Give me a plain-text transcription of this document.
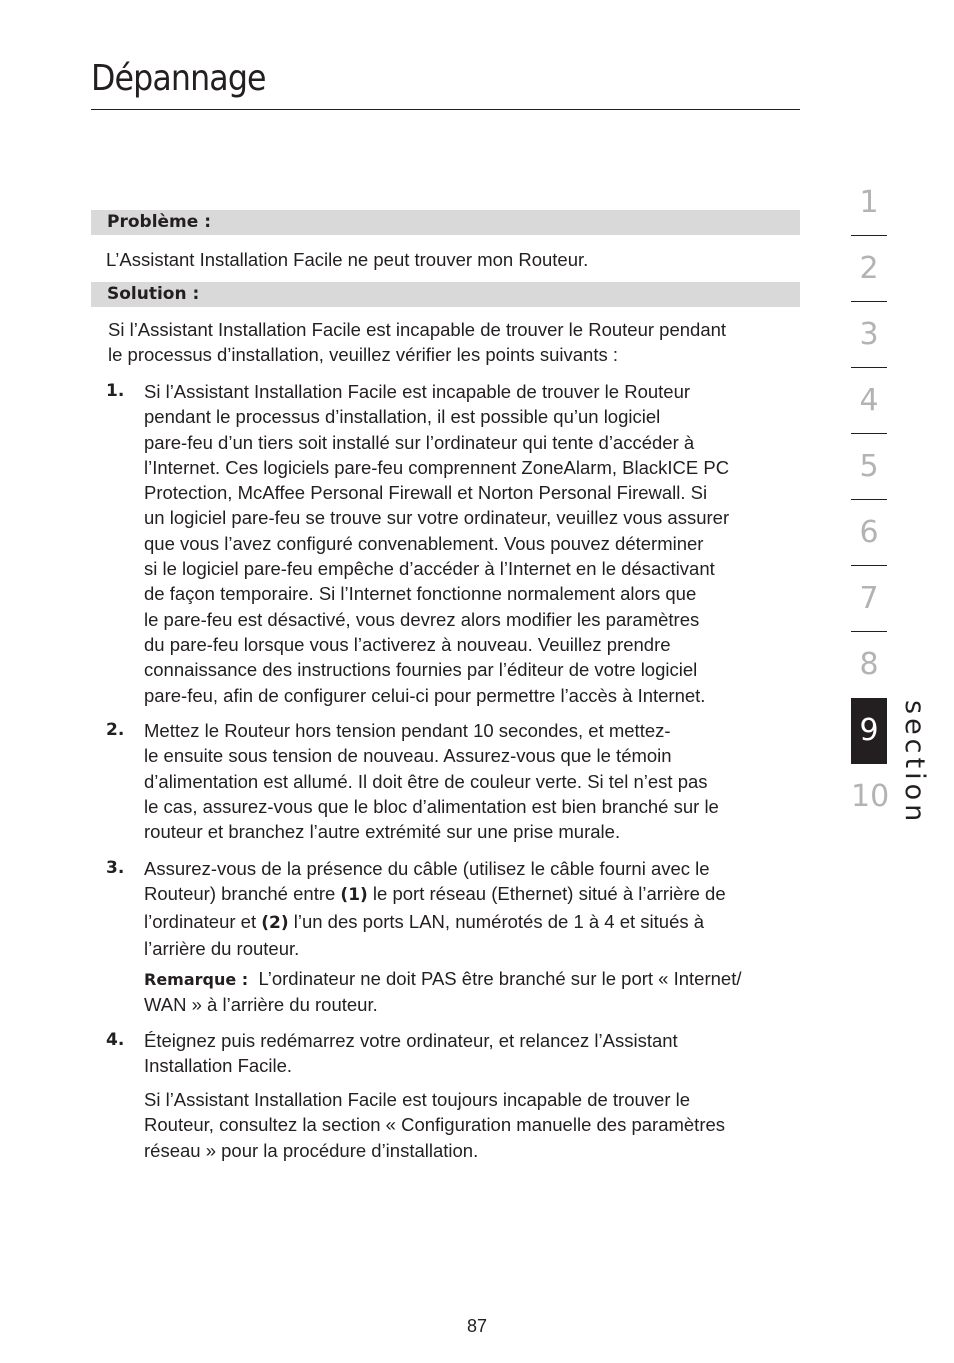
Dépannage
Problème :

L’Assistant Installation Facile ne peut trouver mon Routeur.

Solution :
Si l’Assistant Installation Facile est incapable de trouver le Routeur pendant
le processus d’installation, veuillez vérifier les points suivants :
1. Si l’Assistant Installation Facile est incapable de trouver le Routeur
pendant le processus d’installation, il est possible qu’un logiciel
pare-feu d’un tiers soit installé sur l’ordinateur qui tente d’accéder à
l’Internet. Ces logiciels pare-feu comprennent ZoneAlarm, BlackICE PC
Protection, McAffee Personal Firewall et Norton Personal Firewall. Si
un logiciel pare-feu se trouve sur votre ordinateur, veuillez vous assurer
que vous l’avez configuré convenablement. Vous pouvez déterminer
si le logiciel pare-feu empêche d’accéder à l’Internet en le désactivant
de façon temporaire. Si l’Internet fonctionne normalement alors que
le pare-feu est désactivé, vous devrez alors modifier les paramètres
du pare-feu lorsque vous l’activerez à nouveau. Veuillez prendre
connaissance des instructions fournies par l’éditeur de votre logiciel
pare-feu, afin de configurer celui-ci pour permettre l’accès à Internet.
2. Mettez le Routeur hors tension pendant 10 secondes, et mettez-
le ensuite sous tension de nouveau. Assurez-vous que le témoin
d’alimentation est allumé. Il doit être de couleur verte. Si tel n’est pas
le cas, assurez-vous que le bloc d’alimentation est bien branché sur le
routeur et branchez l’autre extrémité sur une prise murale.
3. Assurez-vous de la présence du câble (utilisez le câble fourni avec le
Routeur) branché entre (1) le port réseau (Ethernet) situé à l’arrière de
l’ordinateur et (2) l’un des ports LAN, numérotés de 1 à 4 et situés à
l’arrière du routeur.
Remarque :  L’ordinateur ne doit PAS être branché sur le port « Internet/
WAN » à l’arrière du routeur.
4. Éteignez puis redémarrez votre ordinateur, et relancez l’Assistant
Installation Facile.
Si l’Assistant Installation Facile est toujours incapable de trouver le
Routeur, consultez la section « Configuration manuelle des paramètres
réseau » pour la procédure d’installation.
1
2
3
4
5
6
7
8
9
10 section
87
